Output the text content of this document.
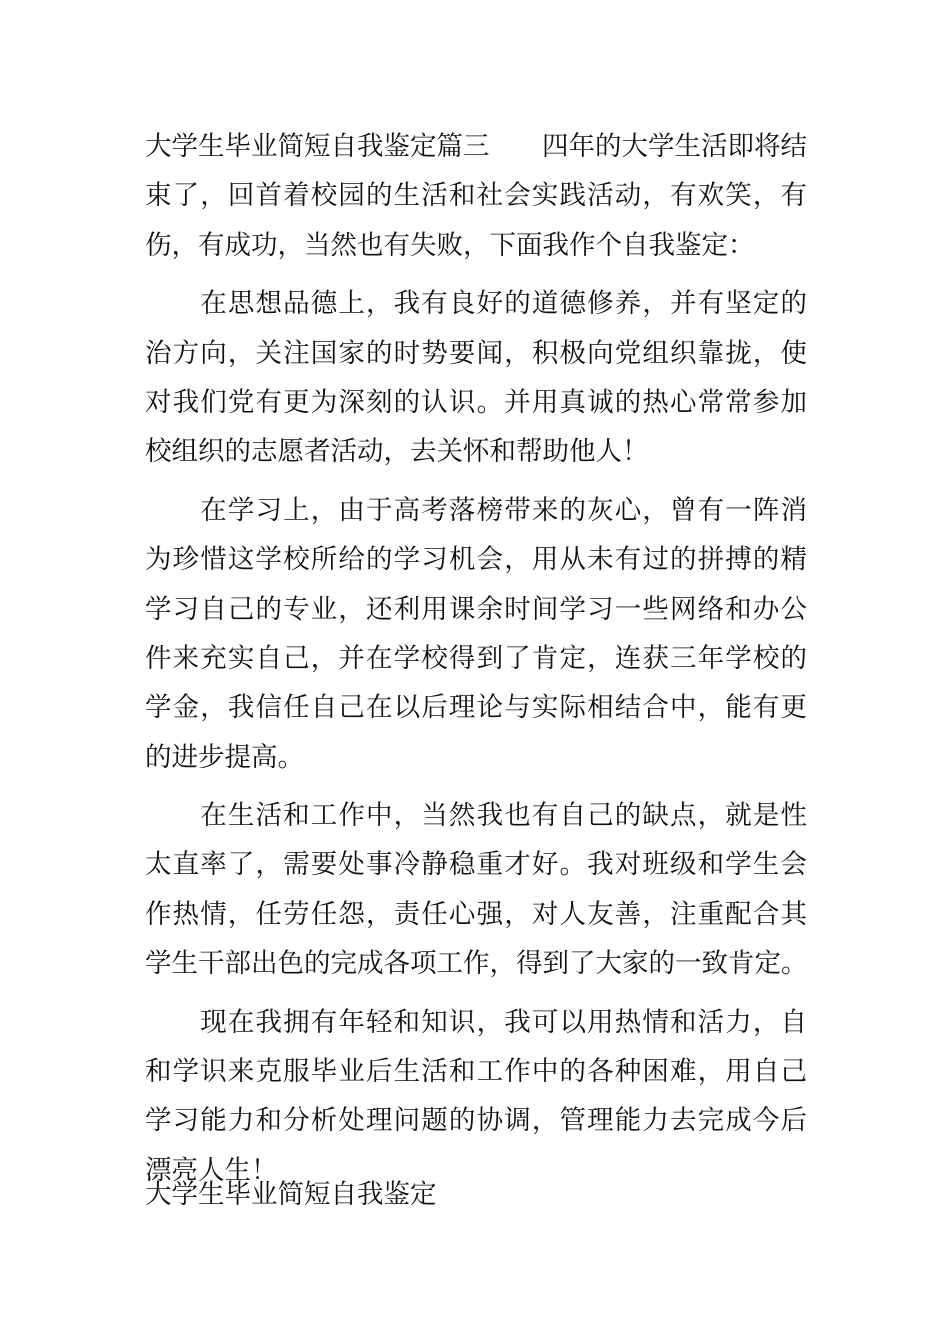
大学生毕业简短自我鉴定篇三 四年的大学生活即将结
束了，回首着校园的生活和社会实践活动，有欢笑，有
伤，有成功，当然也有失败，下面我作个自我鉴定：
　　在思想品德上，我有良好的道德修养，并有坚定的
治方向，关注国家的时势要闻，积极向党组织靠拢，使
对我们党有更为深刻的认识。并用真诚的热心常常参加
校组织的志愿者活动，去关怀和帮助他人！
　　在学习上，由于高考落榜带来的灰心，曾有一阵消
为珍惜这学校所给的学习机会，用从未有过的拼搏的精
学习自己的专业，还利用课余时间学习一些网络和办公
件来充实自己，并在学校得到了肯定，连获三年学校的
学金，我信任自己在以后理论与实际相结合中，能有更
的进步提高。
　　在生活和工作中，当然我也有自己的缺点，就是性
太直率了，需要处事冷静稳重才好。我对班级和学生会
作热情，任劳任怨，责任心强，对人友善，注重配合其
学生干部出色的完成各项工作，得到了大家的一致肯定。
　　现在我拥有年轻和知识，我可以用热情和活力，自
和学识来克服毕业后生活和工作中的各种困难，用自己
学习能力和分析处理问题的协调，管理能力去完成今后
漂亮人生！
大学生毕业简短自我鉴定
